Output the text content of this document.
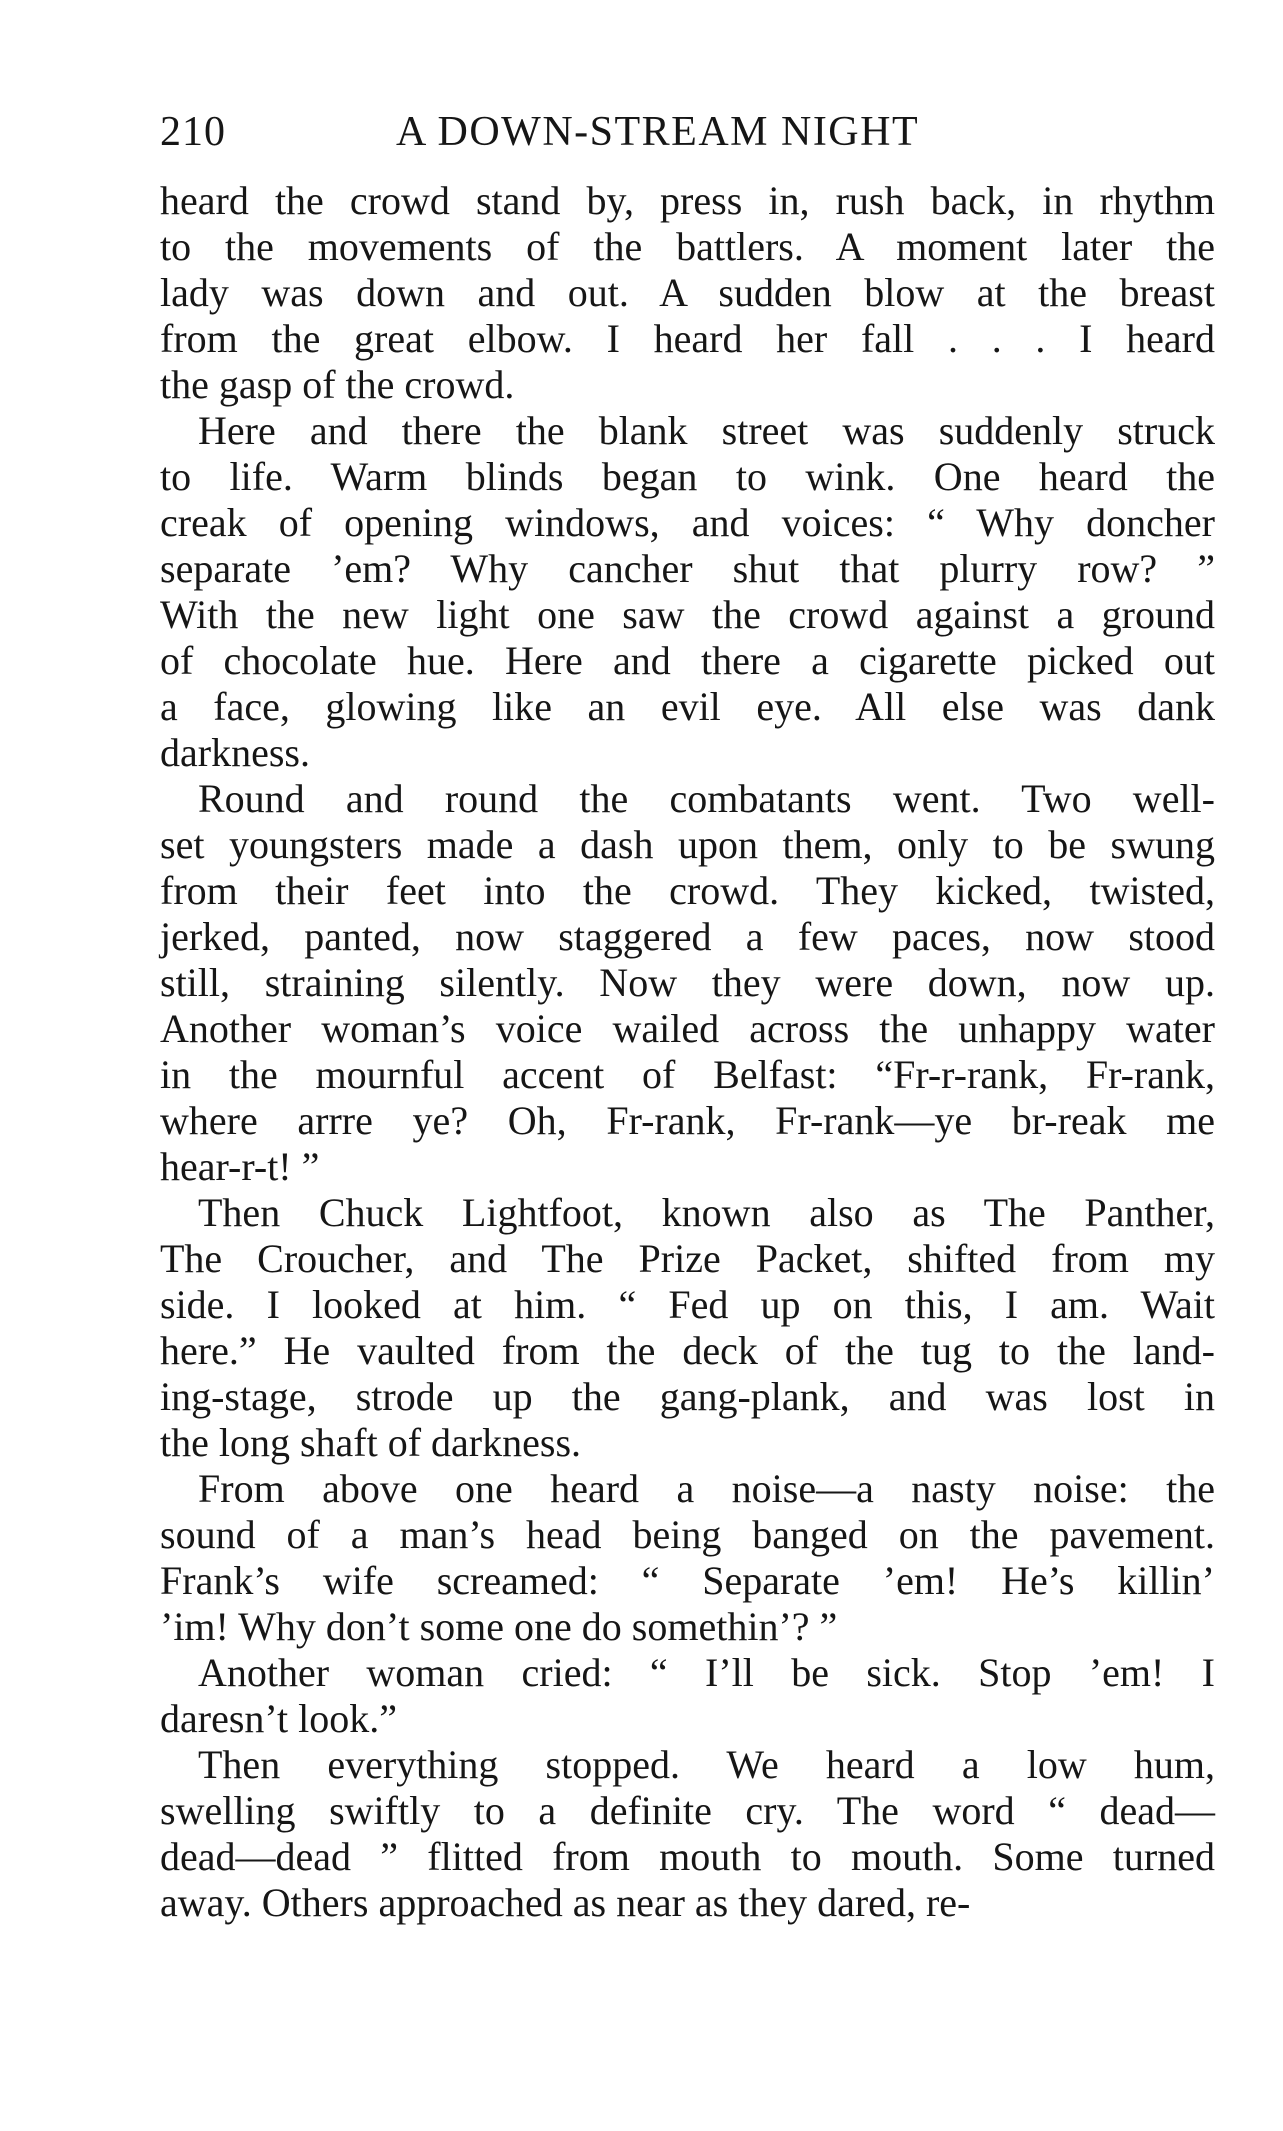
210	A DOWN-STREAM NIGHT
heard the crowd stand by, press in, rush back, in rhythm
to the movements of the battlers. A moment later the
lady was down and out. A sudden blow at the breast
from the great elbow. I heard her fall . . . I heard
the gasp of the crowd.
Here and there the blank street was suddenly struck
to life. Warm blinds began to wink. One heard the
creak of opening windows, and voices: “ Why doncher
separate ’em? Why cancher shut that plurry row? ”
With the new light one saw the crowd against a ground
of chocolate hue. Here and there a cigarette picked out
a face, glowing like an evil eye. All else was dank
darkness.
Round and round the combatants went. Two well-
set youngsters made a dash upon them, only to be swung
from their feet into the crowd. They kicked, twisted,
jerked, panted, now staggered a few paces, now stood
still, straining silently. Now they were down, now up.
Another woman’s voice wailed across the unhappy water
in the mournful accent of Belfast: “Fr-r-rank, Fr-rank,
where arrre ye? Oh, Fr-rank, Fr-rank—ye br-reak me
hear-r-t! ”
Then Chuck Lightfoot, known also as The Panther,
The Croucher, and The Prize Packet, shifted from my
side. I looked at him. “ Fed up on this, I am. Wait
here.” He vaulted from the deck of the tug to the land-
ing-stage, strode up the gang-plank, and was lost in
the long shaft of darkness.
From above one heard a noise—a nasty noise: the
sound of a man’s head being banged on the pavement.
Frank’s wife screamed: “ Separate ’em! He’s killin’
’im! Why don’t some one do somethin’? ”
Another woman cried: “ I’ll be sick. Stop ’em! I
daresn’t look.”
Then everything stopped. We heard a low hum,
swelling swiftly to a definite cry. The word “ dead—
dead—dead ” flitted from mouth to mouth. Some turned
away. Others approached as near as they dared, re-
